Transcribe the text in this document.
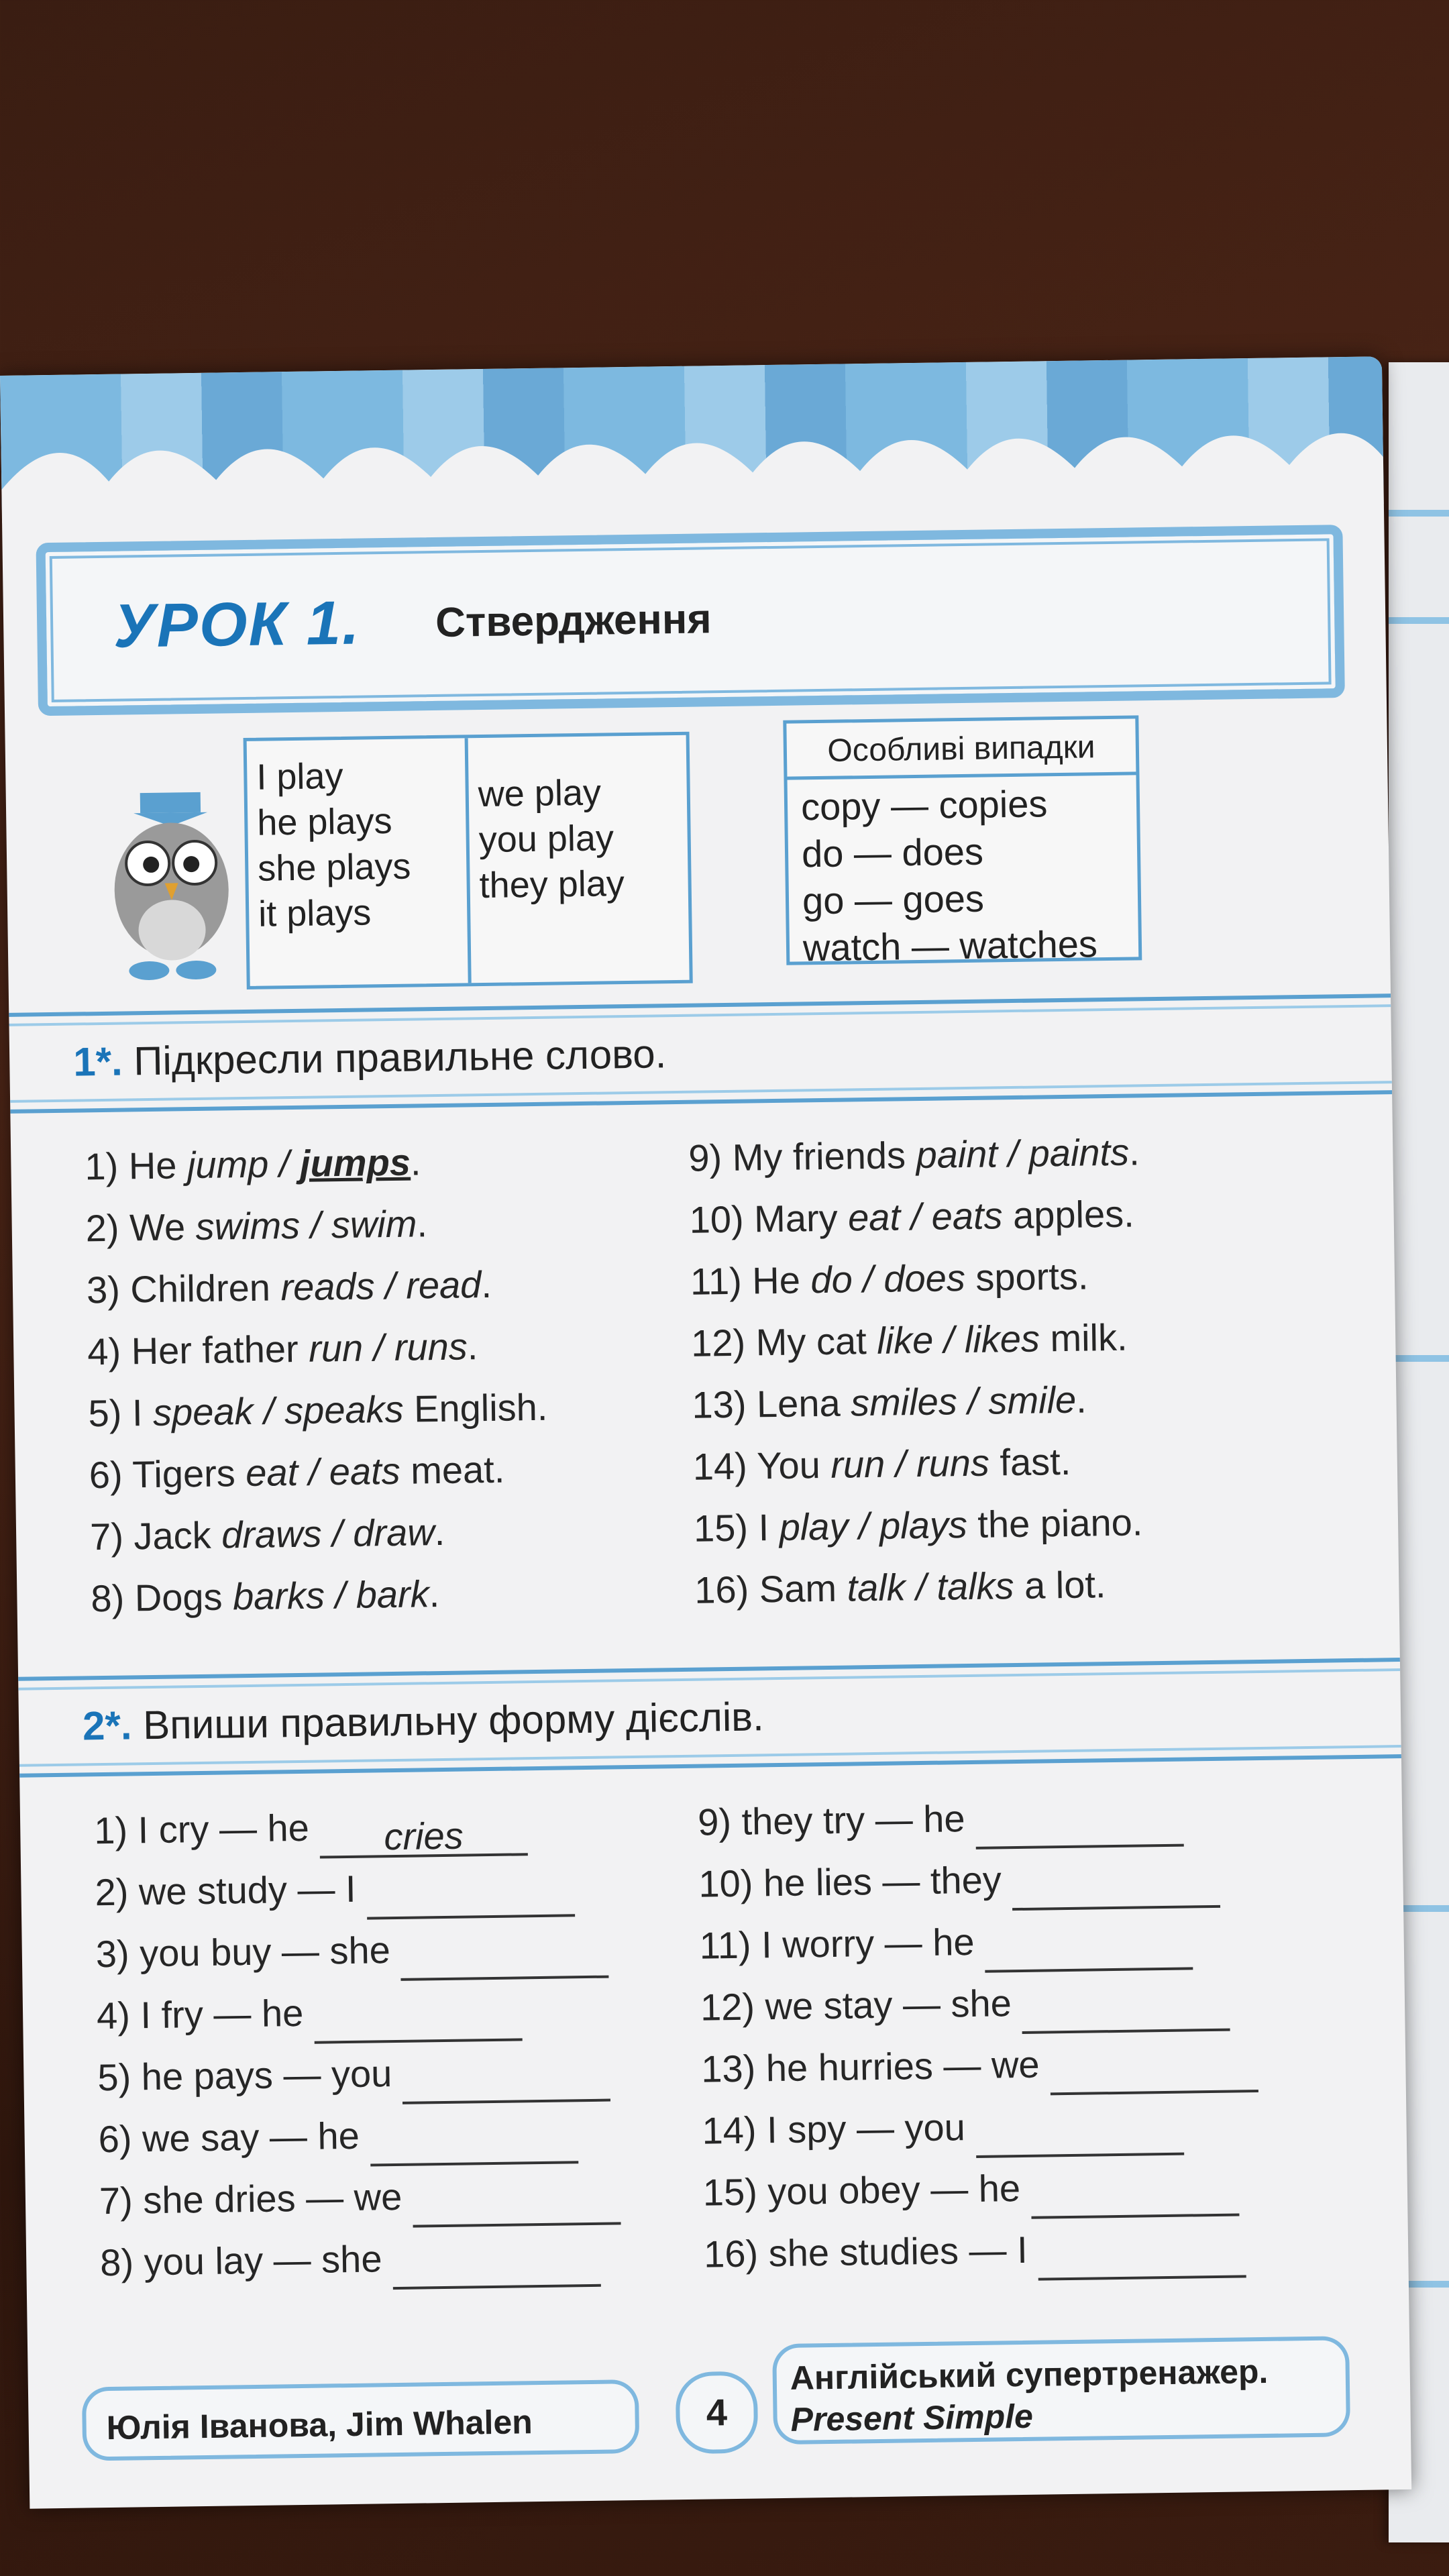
УРОК 1. Ствердження
I play
he plays
she plays
it plays
we play
you play
they play
Особливі випадки
copy — copies
do — does
go — goes
watch — watches
1*. Підкресли правильне слово.
1) He jump / jumps.
2) We swims / swim.
3) Children reads / read.
4) Her father run / runs.
5) I speak / speaks English.
6) Tigers eat / eats meat.
7) Jack draws / draw.
8) Dogs barks / bark.
9) My friends paint / paints.
10) Mary eat / eats apples.
11) He do / does sports.
12) My cat like / likes milk.
13) Lena smiles / smile.
14) You run / runs fast.
15) I play / plays the piano.
16) Sam talk / talks a lot.
2*. Впиши правильну форму дієслів.
1) I cry — he cries
2) we study — I
3) you buy — she
4) I fry — he
5) he pays — you
6) we say — he
7) she dries — we
8) you lay — she
9) they try — he
10) he lies — they
11) I worry — he
12) we stay — she
13) he hurries — we
14) I spy — you
15) you obey — he
16) she studies — I
Юлія Іванова, Jim Whalen	4
Англійський супертренажер.
Present Simple
